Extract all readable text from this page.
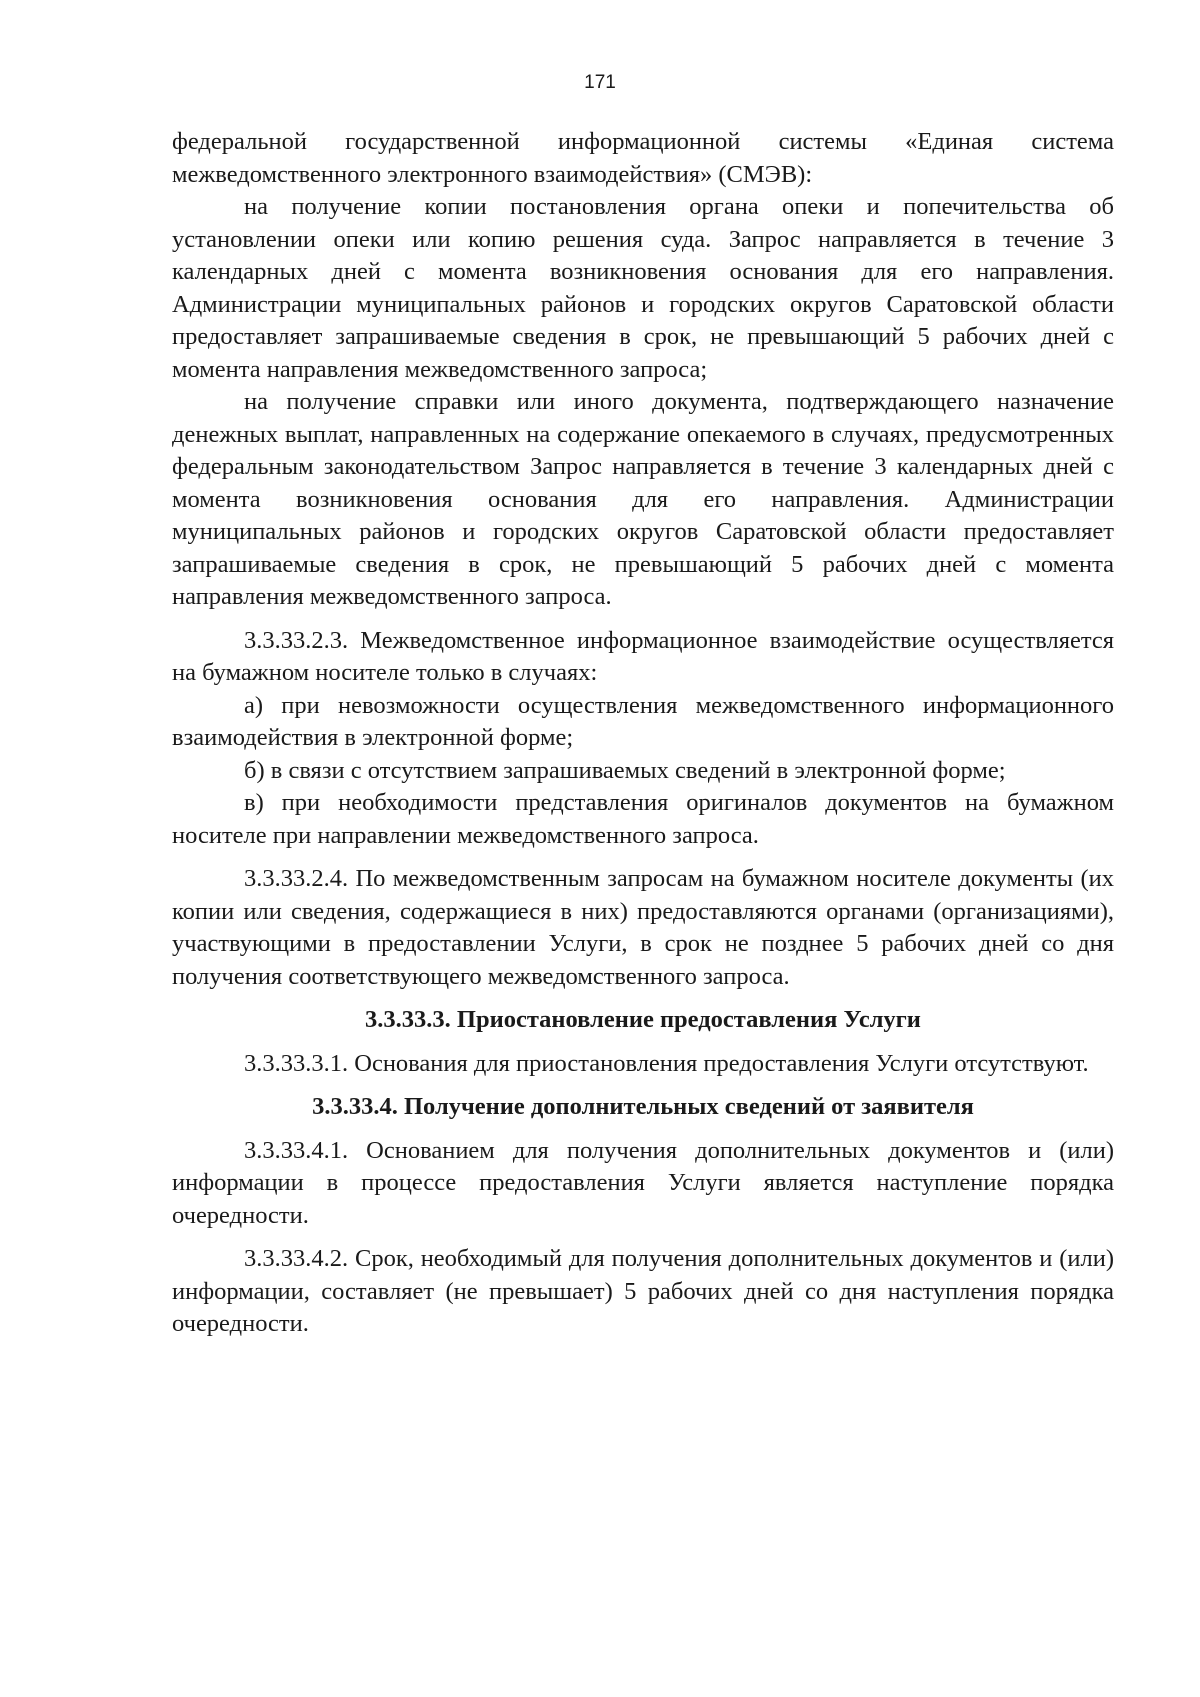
171

федеральной государственной информационной системы «Единая система межведомственного электронного взаимодействия» (СМЭВ):

на получение копии постановления органа опеки и попечительства об установлении опеки или копию решения суда. Запрос направляется в течение 3 календарных дней с момента возникновения основания для его направления. Администрации муниципальных районов и городских округов Саратовской области предоставляет запрашиваемые сведения в срок, не превышающий 5 рабочих дней с момента направления межведомственного запроса;

на получение справки или иного документа, подтверждающего назначение денежных выплат, направленных на содержание опекаемого в случаях, предусмотренных федеральным законодательством Запрос направляется в течение 3 календарных дней с момента возникновения основания для его направления. Администрации муниципальных районов и городских округов Саратовской области предоставляет запрашиваемые сведения в срок, не превышающий 5 рабочих дней с момента направления межведомственного запроса.

3.3.33.2.3. Межведомственное информационное взаимодействие осуществляется на бумажном носителе только в случаях:

а) при невозможности осуществления межведомственного информационного взаимодействия в электронной форме;

б) в связи с отсутствием запрашиваемых сведений в электронной форме;

в) при необходимости представления оригиналов документов на бумажном носителе при направлении межведомственного запроса.

3.3.33.2.4. По межведомственным запросам на бумажном носителе документы (их копии или сведения, содержащиеся в них) предоставляются органами (организациями), участвующими в предоставлении Услуги, в срок не позднее 5 рабочих дней со дня получения соответствующего межведомственного запроса.

3.3.33.3. Приостановление предоставления Услуги

3.3.33.3.1. Основания для приостановления предоставления Услуги отсутствуют.

3.3.33.4. Получение дополнительных сведений от заявителя

3.3.33.4.1. Основанием для получения дополнительных документов и (или) информации в процессе предоставления Услуги является наступление порядка очередности.

3.3.33.4.2. Срок, необходимый для получения дополнительных документов и (или) информации, составляет (не превышает) 5 рабочих дней со дня наступления порядка очередности.
